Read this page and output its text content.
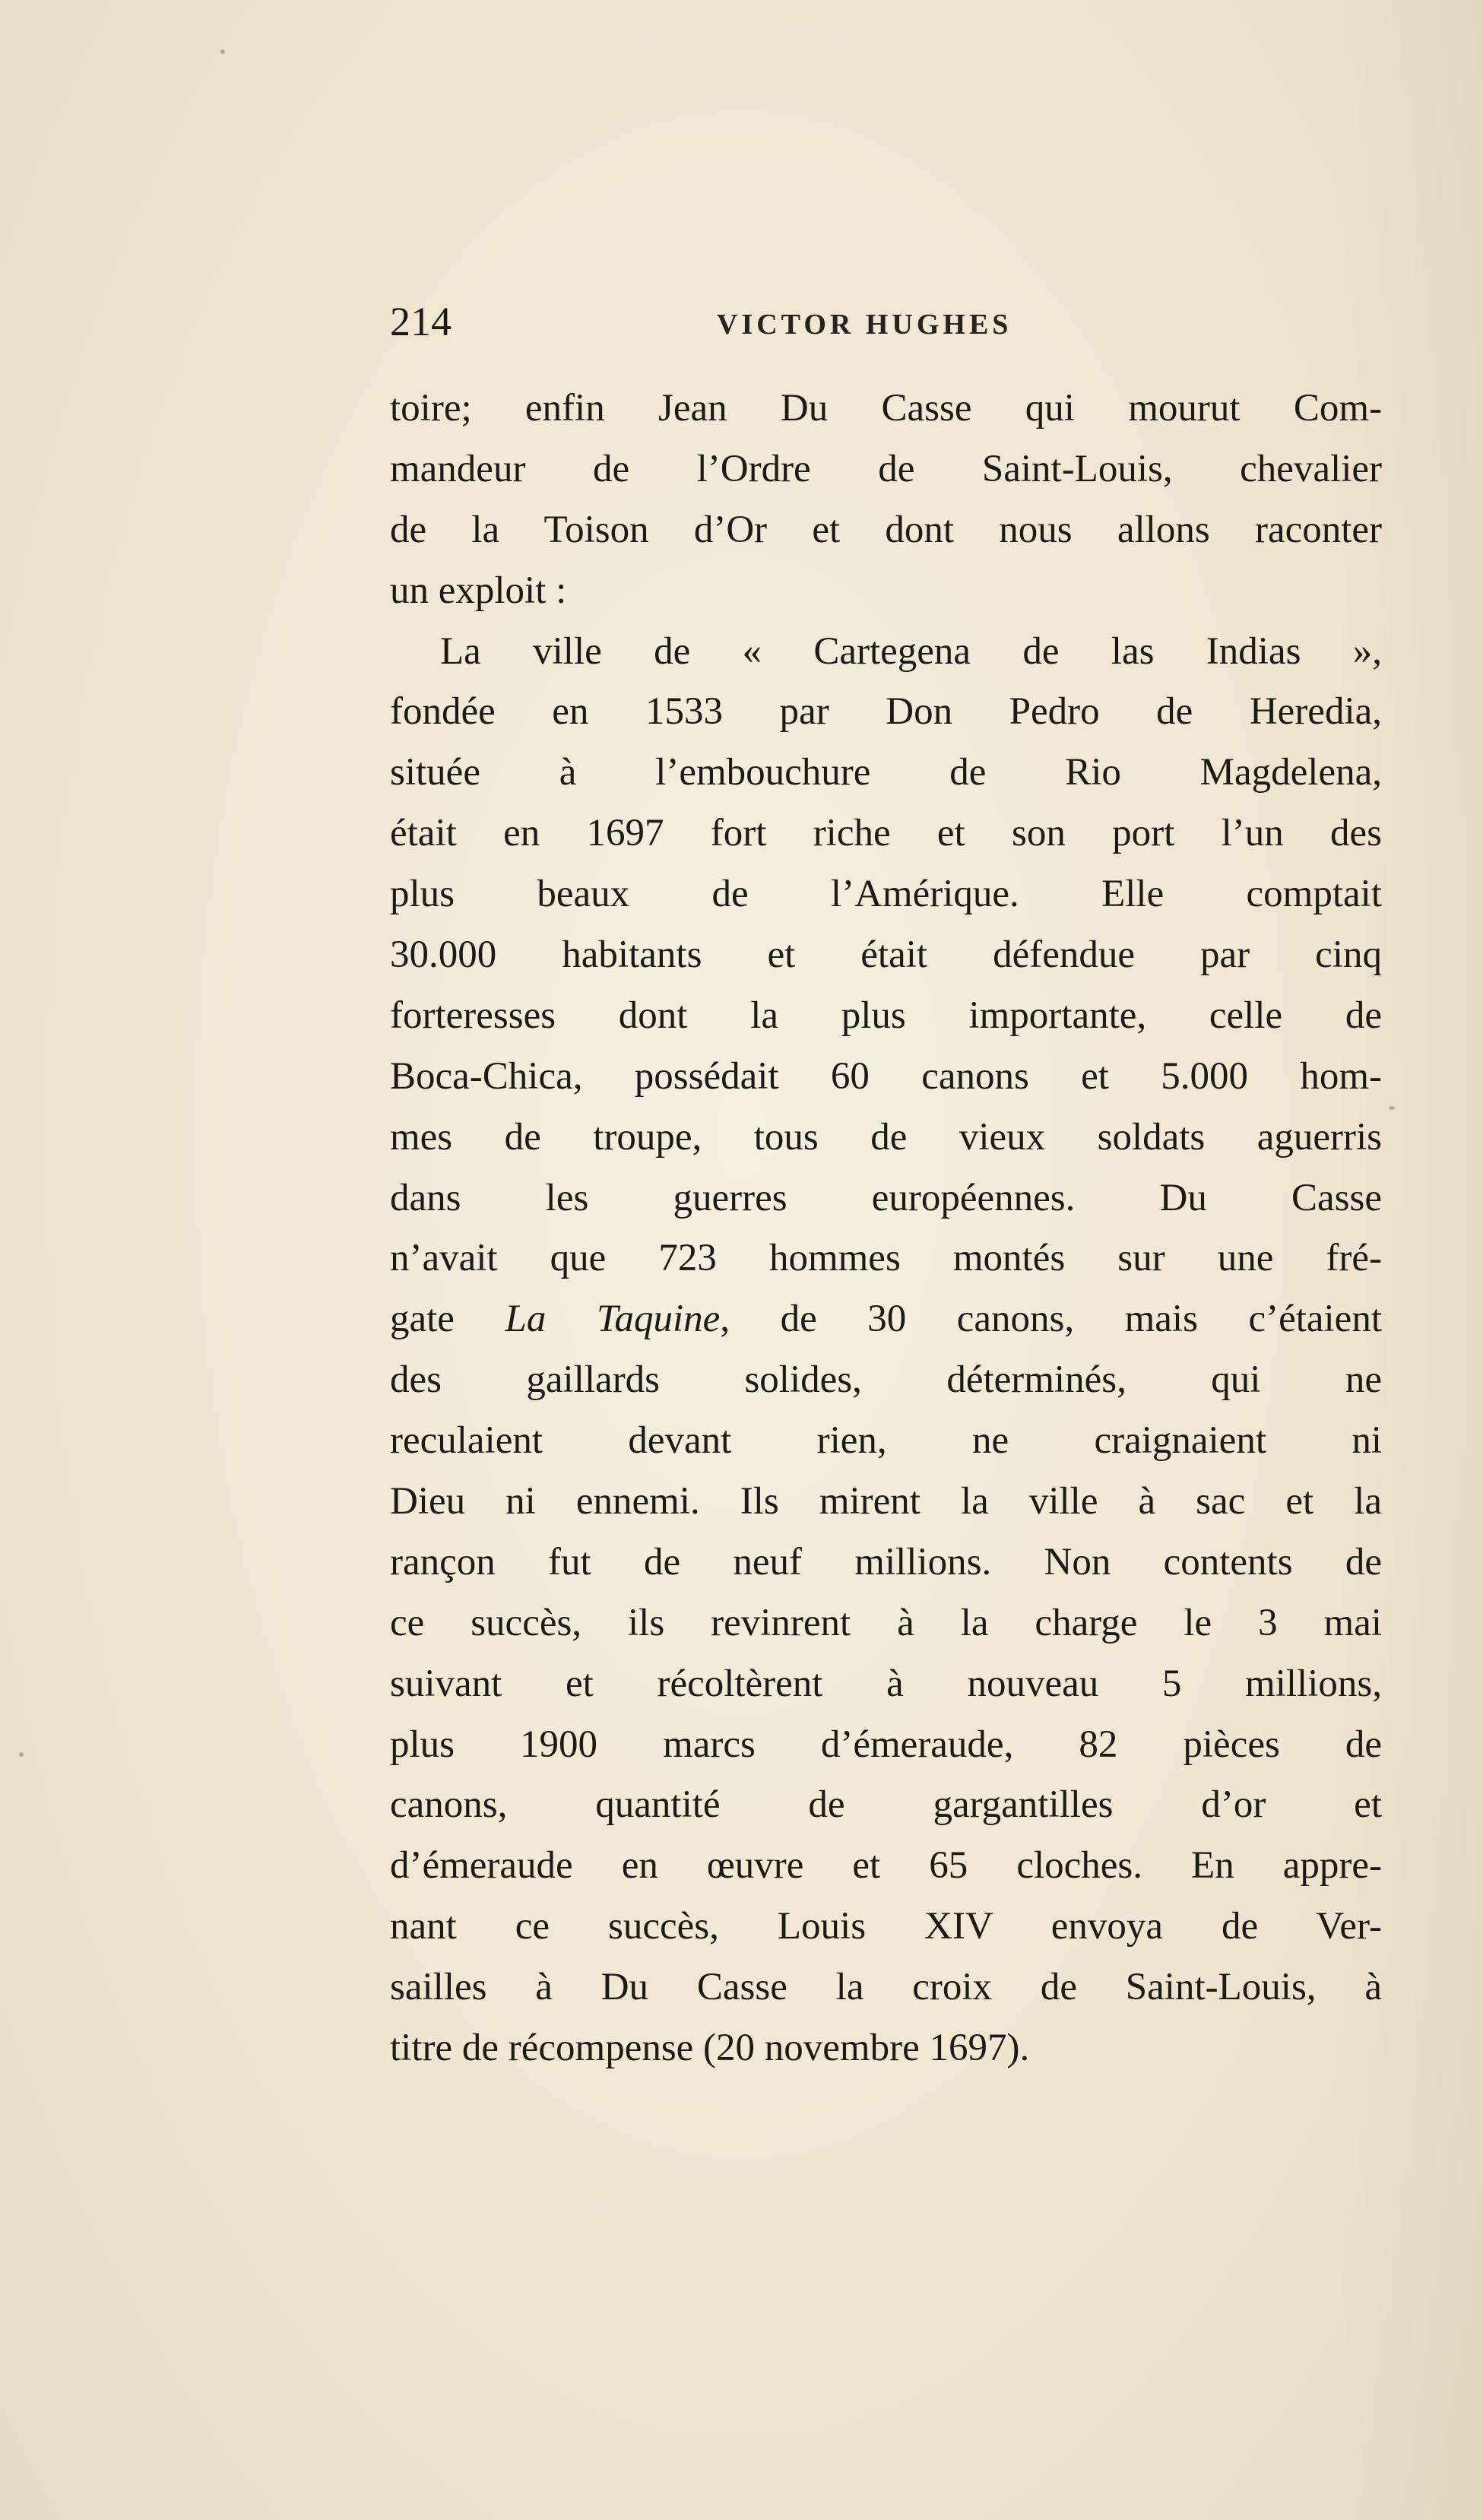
214	VICTOR HUGHES
toire; enfin Jean Du Casse qui mourut Com-
mandeur de l’Ordre de Saint-Louis, chevalier
de la Toison d’Or et dont nous allons raconter
un exploit :
La ville de « Cartegena de las Indias »,
fondée en 1533 par Don Pedro de Heredia,
située à l’embouchure de Rio Magdelena,
était en 1697 fort riche et son port l’un des
plus beaux de l’Amérique. Elle comptait
30.000 habitants et était défendue par cinq
forteresses dont la plus importante, celle de
Boca-Chica, possédait 60 canons et 5.000 hom-
mes de troupe, tous de vieux soldats aguerris
dans les guerres européennes. Du Casse
n’avait que 723 hommes montés sur une fré-
gate La Taquine, de 30 canons, mais c’étaient
des gaillards solides, déterminés, qui ne
reculaient devant rien, ne craignaient ni
Dieu ni ennemi. Ils mirent la ville à sac et la
rançon fut de neuf millions. Non contents de
ce succès, ils revinrent à la charge le 3 mai
suivant et récoltèrent à nouveau 5 millions,
plus 1900 marcs d’émeraude, 82 pièces de
canons, quantité de gargantilles d’or et
d’émeraude en œuvre et 65 cloches. En appre-
nant ce succès, Louis XIV envoya de Ver-
sailles à Du Casse la croix de Saint-Louis, à
titre de récompense (20 novembre 1697).
